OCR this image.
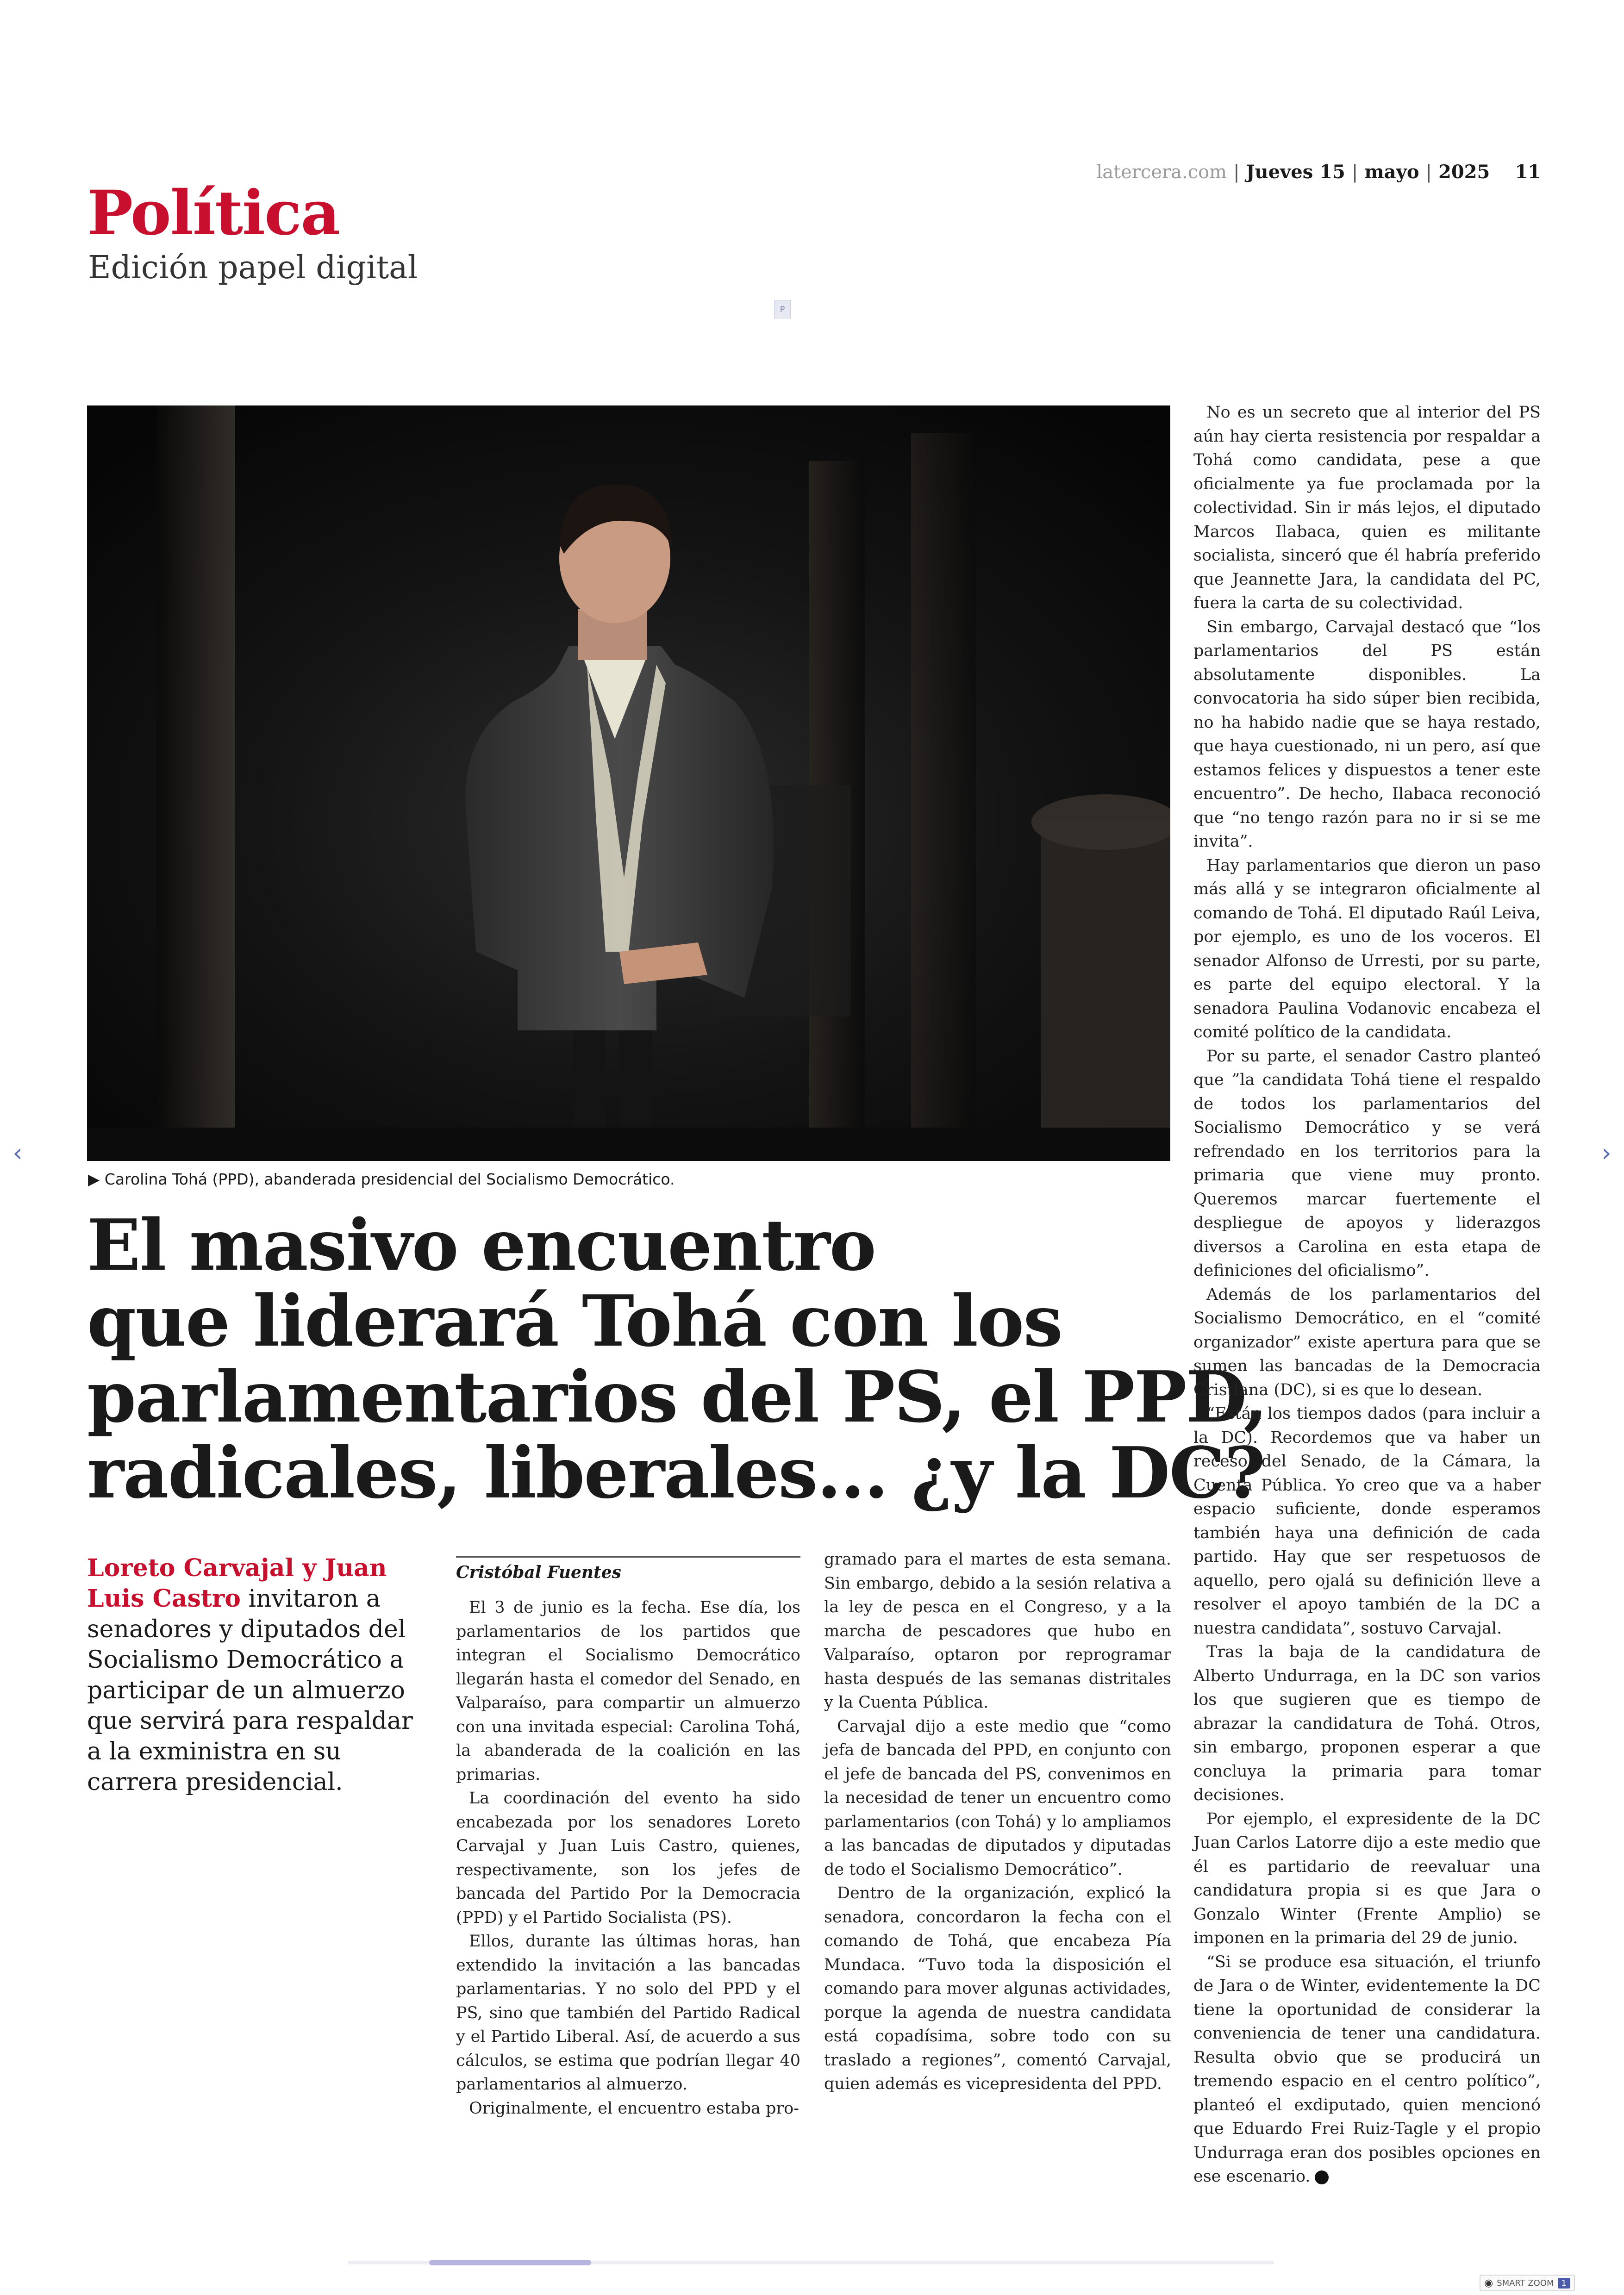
Política
Edición papel digital
latercera.com | Jueves 15 | mayo | 2025 11
P
▶ Carolina Tohá (PPD), abanderada presidencial del Socialismo Democrático.
El masivo encuentro
que liderará Tohá con los
parlamentarios del PS, el PPD,
radicales, liberales... ¿y la DC?
Loreto Carvajal y Juan Luis Castro invitaron a senadores y diputados del Socialismo Democrático a participar de un almuerzo que servirá para respaldar a la exministra en su carrera presidencial.
Cristóbal Fuentes

El 3 de junio es la fecha. Ese día, los parlamentarios de los partidos que integran el Socialismo Democrático llegarán hasta el comedor del Senado, en Valparaíso, para compartir un almuerzo con una invitada especial: Carolina Tohá, la abanderada de la coalición en las primarias.

La coordinación del evento ha sido encabezada por los senadores Loreto Carvajal y Juan Luis Castro, quienes, respectivamente, son los jefes de bancada del Partido Por la Democracia (PPD) y el Partido Socialista (PS).

Ellos, durante las últimas horas, han extendido la invitación a las bancadas parlamentarias. Y no solo del PPD y el PS, sino que también del Partido Radical y el Partido Liberal. Así, de acuerdo a sus cálculos, se estima que podrían llegar 40 parlamentarios al almuerzo.

Originalmente, el encuentro estaba pro-

gramado para el martes de esta semana. Sin embargo, debido a la sesión relativa a la ley de pesca en el Congreso, y a la marcha de pescadores que hubo en Valparaíso, optaron por reprogramar hasta después de las semanas distritales y la Cuenta Pública.

Carvajal dijo a este medio que “como jefa de bancada del PPD, en conjunto con el jefe de bancada del PS, convenimos en la necesidad de tener un encuentro como parlamentarios (con Tohá) y lo ampliamos a las bancadas de diputados y diputadas de todo el Socialismo Democrático”.

Dentro de la organización, explicó la senadora, concordaron la fecha con el comando de Tohá, que encabeza Pía Mundaca. “Tuvo toda la disposición el comando para mover algunas actividades, porque la agenda de nuestra candidata está copadísima, sobre todo con su traslado a regiones”, comentó Carvajal, quien además es vicepresidenta del PPD.

No es un secreto que al interior del PS aún hay cierta resistencia por respaldar a Tohá como candidata, pese a que oficialmente ya fue proclamada por la colectividad. Sin ir más lejos, el diputado Marcos Ilabaca, quien es militante socialista, sinceró que él habría preferido que Jeannette Jara, la candidata del PC, fuera la carta de su colectividad.

Sin embargo, Carvajal destacó que “los parlamentarios del PS están absolutamente disponibles. La convocatoria ha sido súper bien recibida, no ha habido nadie que se haya restado, que haya cuestionado, ni un pero, así que estamos felices y dispuestos a tener este encuentro”. De hecho, Ilabaca reconoció que “no tengo razón para no ir si se me invita”.

Hay parlamentarios que dieron un paso más allá y se integraron oficialmente al comando de Tohá. El diputado Raúl Leiva, por ejemplo, es uno de los voceros. El senador Alfonso de Urresti, por su parte, es parte del equipo electoral. Y la senadora Paulina Vodanovic encabeza el comité político de la candidata.

Por su parte, el senador Castro planteó que ”la candidata Tohá tiene el respaldo de todos los parlamentarios del Socialismo Democrático y se verá refrendado en los territorios para la primaria que viene muy pronto. Queremos marcar fuertemente el despliegue de apoyos y liderazgos diversos a Carolina en esta etapa de definiciones del oficialismo”.

Además de los parlamentarios del Socialismo Democrático, en el “comité organizador” existe apertura para que se sumen las bancadas de la Democracia Cristiana (DC), si es que lo desean.

“Están los tiempos dados (para incluir a la DC). Recordemos que va haber un receso del Senado, de la Cámara, la Cuenta Pública. Yo creo que va a haber espacio suficiente, donde esperamos también haya una definición de cada partido. Hay que ser respetuosos de aquello, pero ojalá su definición lleve a resolver el apoyo también de la DC a nuestra candidata”, sostuvo Carvajal.

Tras la baja de la candidatura de Alberto Undurraga, en la DC son varios los que sugieren que es tiempo de abrazar la candidatura de Tohá. Otros, sin embargo, proponen esperar a que concluya la primaria para tomar decisiones.

Por ejemplo, el expresidente de la DC Juan Carlos Latorre dijo a este medio que él es partidario de reevaluar una candidatura propia si es que Jara o Gonzalo Winter (Frente Amplio) se imponen en la primaria del 29 de junio.

“Si se produce esa situación, el triunfo de Jara o de Winter, evidentemente la DC tiene la oportunidad de considerar la conveniencia de tener una candidatura. Resulta obvio que se producirá un tremendo espacio en el centro político”, planteó el exdiputado, quien mencionó que Eduardo Frei Ruiz-Tagle y el propio Undurraga eran dos posibles opciones en ese escenario.

‹	›
◉ SMART ZOOM 1
